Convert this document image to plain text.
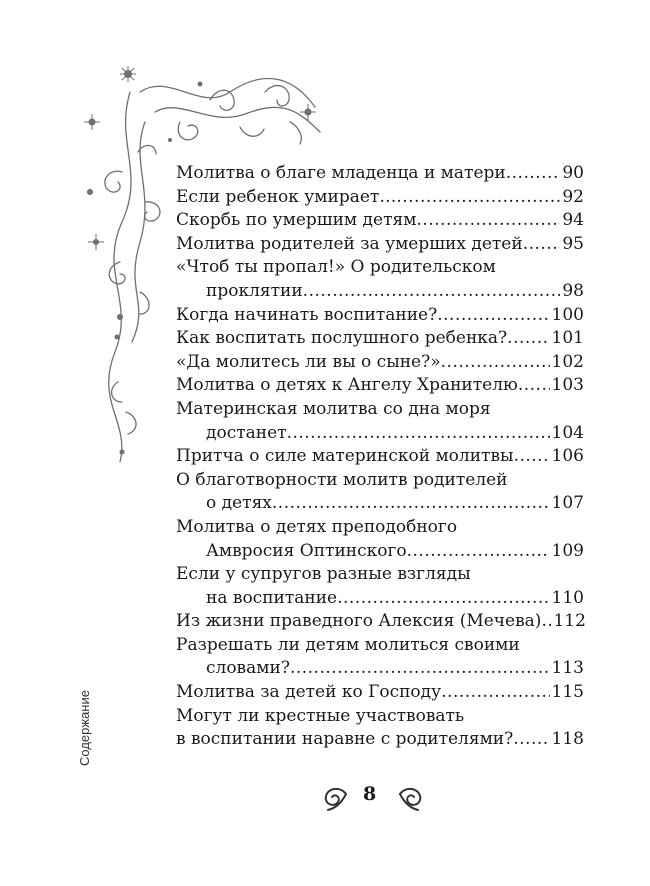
Содержание
Молитва о благе младенца и матери .....	90
Если ребенок умирает… .....	92
Скорбь по умершим детям .....	94
Молитва родителей за умерших детей ..... 95
«Чтоб ты пропал!» О родительском
проклятии .....	98
Когда начинать воспитание? .....	100
Как воспитать послушного ребенка? .....	101
«Да молитесь ли вы о сыне?» .....	102
Молитва о детях к Ангелу Хранителю ..... 103
Материнская молитва со дна моря
достанет .....	104
Притча о силе материнской молитвы ..... 106
О благотворности молитв родителей
о детях .....	107
Молитва о детях преподобного
Амвросия Оптинского .....	109
Если у супругов разные взгляды
на воспитание .....	110
Из жизни праведного Алексия (Мечева) ..... 112
Разрешать ли детям молиться своими
словами? .....	113
Молитва за детей ко Господу .....	115
Могут ли крестные участвовать
в воспитании наравне с родителями? ..... 118
8
